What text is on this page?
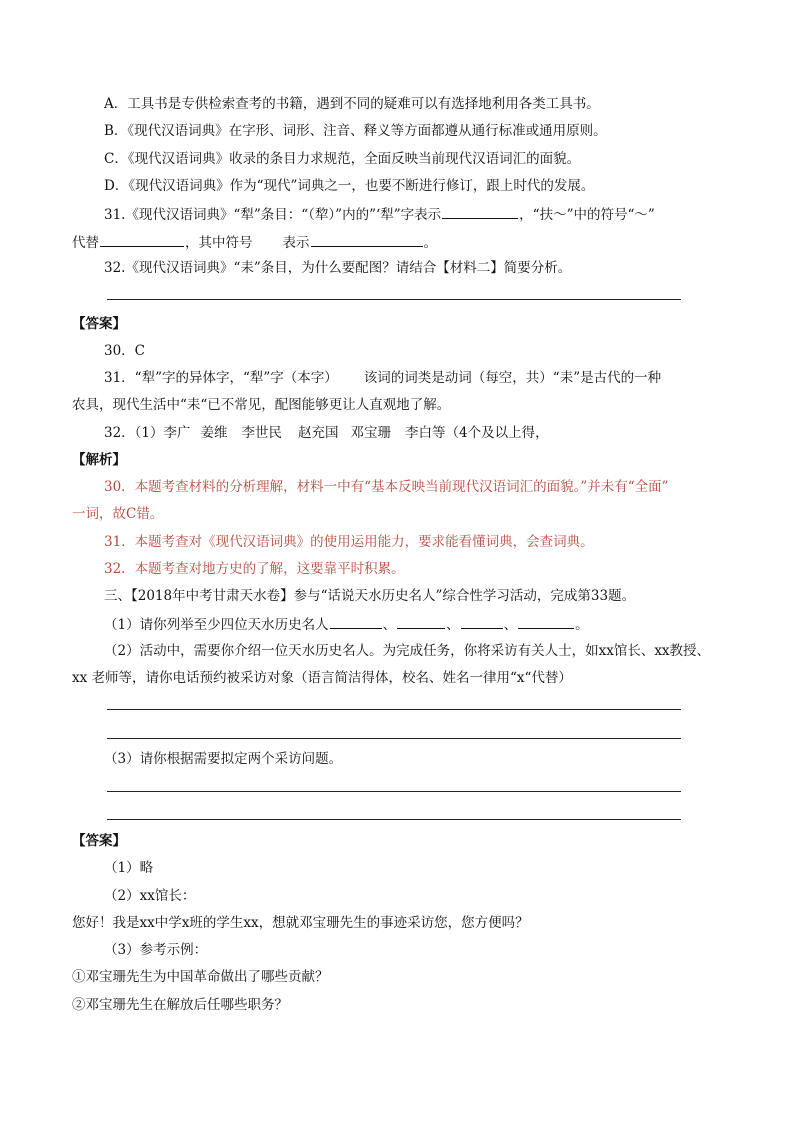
A．工具书是专供检索查考的书籍，遇到不同的疑难可以有选择地利用各类工具书。
B．《现代汉语词典》在字形、词形、注音、释义等方面都遵从通行标准或通用原则。
C．《现代汉语词典》收录的条目力求规范，全面反映当前现代汉语词汇的面貌。
D．《现代汉语词典》作为“现代”词典之一，也要不断进行修订，跟上时代的发展。
31.《现代汉语词典》“犁”条目：“（犂）”内的”‘犁”字表示	，“扶～”中的符号“～”
代替	，其中符号 表示	。
32.《现代汉语词典》“耒”条目，为什么要配图？请结合【材料二】简要分析。
【答案】
30．C
31．“犁”字的异体字，“犁”字（本字） 该词的词类是动词（每空，共）“耒”是古代的一种
农具，现代生活中“耒“已不常见，配图能够更让人直观地了解。
32．（1）李广 姜维 李世民 赵充国 邓宝珊 李白等（4个及以上得，
【解析】
30．本题考查材料的分析理解，材料一中有“基本反映当前现代汉语词汇的面貌。”并未有“全面”
一词，故C错。
31．本题考查对《现代汉语词典》的使用运用能力，要求能看懂词典，会查词典。
32．本题考查对地方史的了解，这要靠平时积累。
三、【2018年中考甘肃天水卷】参与“话说天水历史名人”综合性学习活动，完成第33题。
（1）请你列举至少四位天水历史名人	、	、	、	。
（2）活动中，需要你介绍一位天水历史名人。为完成任务，你将采访有关人士，如xx馆长、xx教授、
xx 老师等，请你电话预约被采访对象（语言简洁得体，校名、姓名一律用“x“代替）
（3）请你根据需要拟定两个采访问题。
【答案】
（1）略
（2）xx馆长：
您好！我是xx中学x班的学生xx，想就邓宝珊先生的事迹采访您，您方便吗？
（3）参考示例：
①邓宝珊先生为中国革命做出了哪些贡献？
②邓宝珊先生在解放后任哪些职务？
